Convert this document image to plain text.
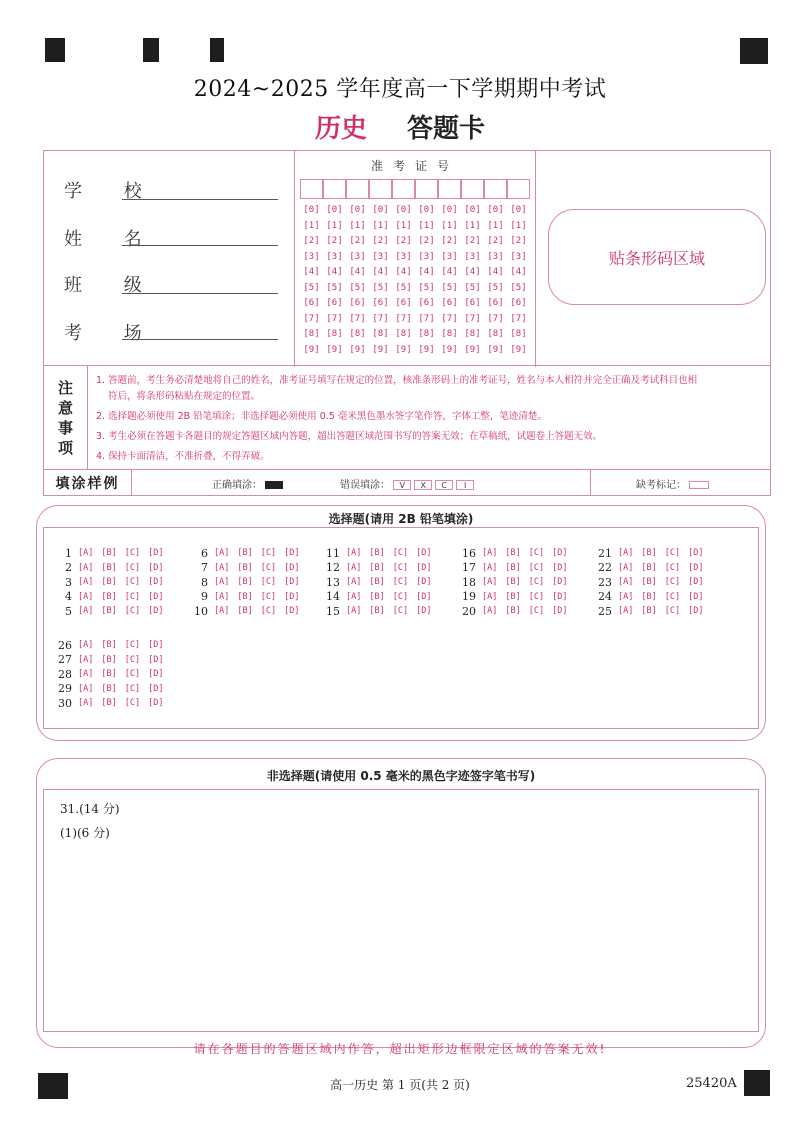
2024~2025 学年度高一下学期期中考试
历史 答题卡
学 校
姓 名
班 级
考 场
准考证号
[0] [0] [0] [0] [0] [0] [0] [0] [0] [0]
[1] [1] [1] [1] [1] [1] [1] [1] [1] [1]
[2] [2] [2] [2] [2] [2] [2] [2] [2] [2]
[3] [3] [3] [3] [3] [3] [3] [3] [3] [3]
[4] [4] [4] [4] [4] [4] [4] [4] [4] [4]
[5] [5] [5] [5] [5] [5] [5] [5] [5] [5]
[6] [6] [6] [6] [6] [6] [6] [6] [6] [6]
[7] [7] [7] [7] [7] [7] [7] [7] [7] [7]
[8] [8] [8] [8] [8] [8] [8] [8] [8] [8]
[9] [9] [9] [9] [9] [9] [9] [9] [9] [9]
贴条形码区域
注
意
事
项
1. 答题前，考生务必清楚地将自己的姓名，准考证号填写在规定的位置，核准条形码上的准考证号，姓名与本人相符并完全正确及考试科目也相
符后，将条形码粘贴在规定的位置。
2. 选择题必须使用 2B 铅笔填涂；非选择题必须使用 0.5 毫米黑色墨水签字笔作答，字体工整，笔迹清楚。
3. 考生必须在答题卡各题目的规定答题区域内答题，超出答题区域范围书写的答案无效；在草稿纸，试题卷上答题无效。
4. 保持卡面清洁，不准折叠，不得弄破。
填涂样例	正确填涂：	错误填涂： V X C I	缺考标记：
选择题(请用 2B 铅笔填涂)
1 [A] [B] [C] [D]
2 [A] [B] [C] [D]
3 [A] [B] [C] [D]
4 [A] [B] [C] [D]
5 [A] [B] [C] [D]
6 [A] [B] [C] [D]
7 [A] [B] [C] [D]
8 [A] [B] [C] [D]
9 [A] [B] [C] [D]
10 [A] [B] [C] [D]
11 [A] [B] [C] [D]
12 [A] [B] [C] [D]
13 [A] [B] [C] [D]
14 [A] [B] [C] [D]
15 [A] [B] [C] [D]
16 [A] [B] [C] [D]
17 [A] [B] [C] [D]
18 [A] [B] [C] [D]
19 [A] [B] [C] [D]
20 [A] [B] [C] [D]
21 [A] [B] [C] [D]
22 [A] [B] [C] [D]
23 [A] [B] [C] [D]
24 [A] [B] [C] [D]
25 [A] [B] [C] [D]
26 [A] [B] [C] [D]
27 [A] [B] [C] [D]
28 [A] [B] [C] [D]
29 [A] [B] [C] [D]
30 [A] [B] [C] [D]
非选择题(请使用 0.5 毫米的黑色字迹签字笔书写)
31.(14 分)
(1)(6 分)
请在各题目的答题区域内作答，超出矩形边框限定区域的答案无效!
高一历史 第 1 页(共 2 页)	25420A
